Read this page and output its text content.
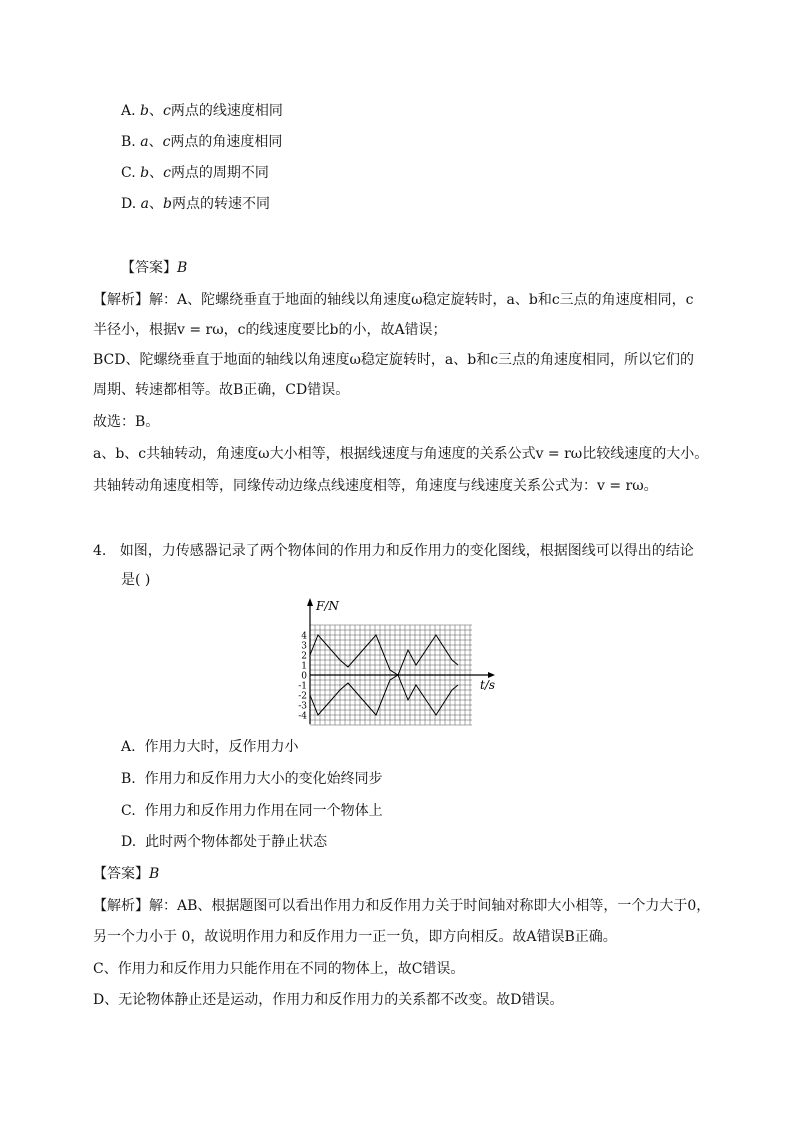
A. b、c两点的线速度相同
B. a、c两点的角速度相同
C. b、c两点的周期不同
D. a、b两点的转速不同
【答案】B
【解析】解：A、陀螺绕垂直于地面的轴线以角速度ω稳定旋转时，a、b和c三点的角速度相同，c
半径小，根据v = rω，c的线速度要比b的小，故A错误；
BCD、陀螺绕垂直于地面的轴线以角速度ω稳定旋转时，a、b和c三点的角速度相同，所以它们的
周期、转速都相等。故B正确，CD错误。
故选：B。
a、b、c共轴转动，角速度ω大小相等，根据线速度与角速度的关系公式v = rω比较线速度的大小。
共轴转动角速度相等，同缘传动边缘点线速度相等，角速度与线速度关系公式为：v = rω。
4. 如图，力传感器记录了两个物体间的作用力和反作用力的变化图线，根据图线可以得出的结论
是( )
F/N
t/s
4
3
2
1
0
-1
-2
-3
-4
A. 作用力大时，反作用力小
B. 作用力和反作用力大小的变化始终同步
C. 作用力和反作用力作用在同一个物体上
D. 此时两个物体都处于静止状态
【答案】B
【解析】解：AB、根据题图可以看出作用力和反作用力关于时间轴对称即大小相等，一个力大于0，
另一个力小于 0，故说明作用力和反作用力一正一负，即方向相反。故A错误B正确。
C、作用力和反作用力只能作用在不同的物体上，故C错误。
D、无论物体静止还是运动，作用力和反作用力的关系都不改变。故D错误。
